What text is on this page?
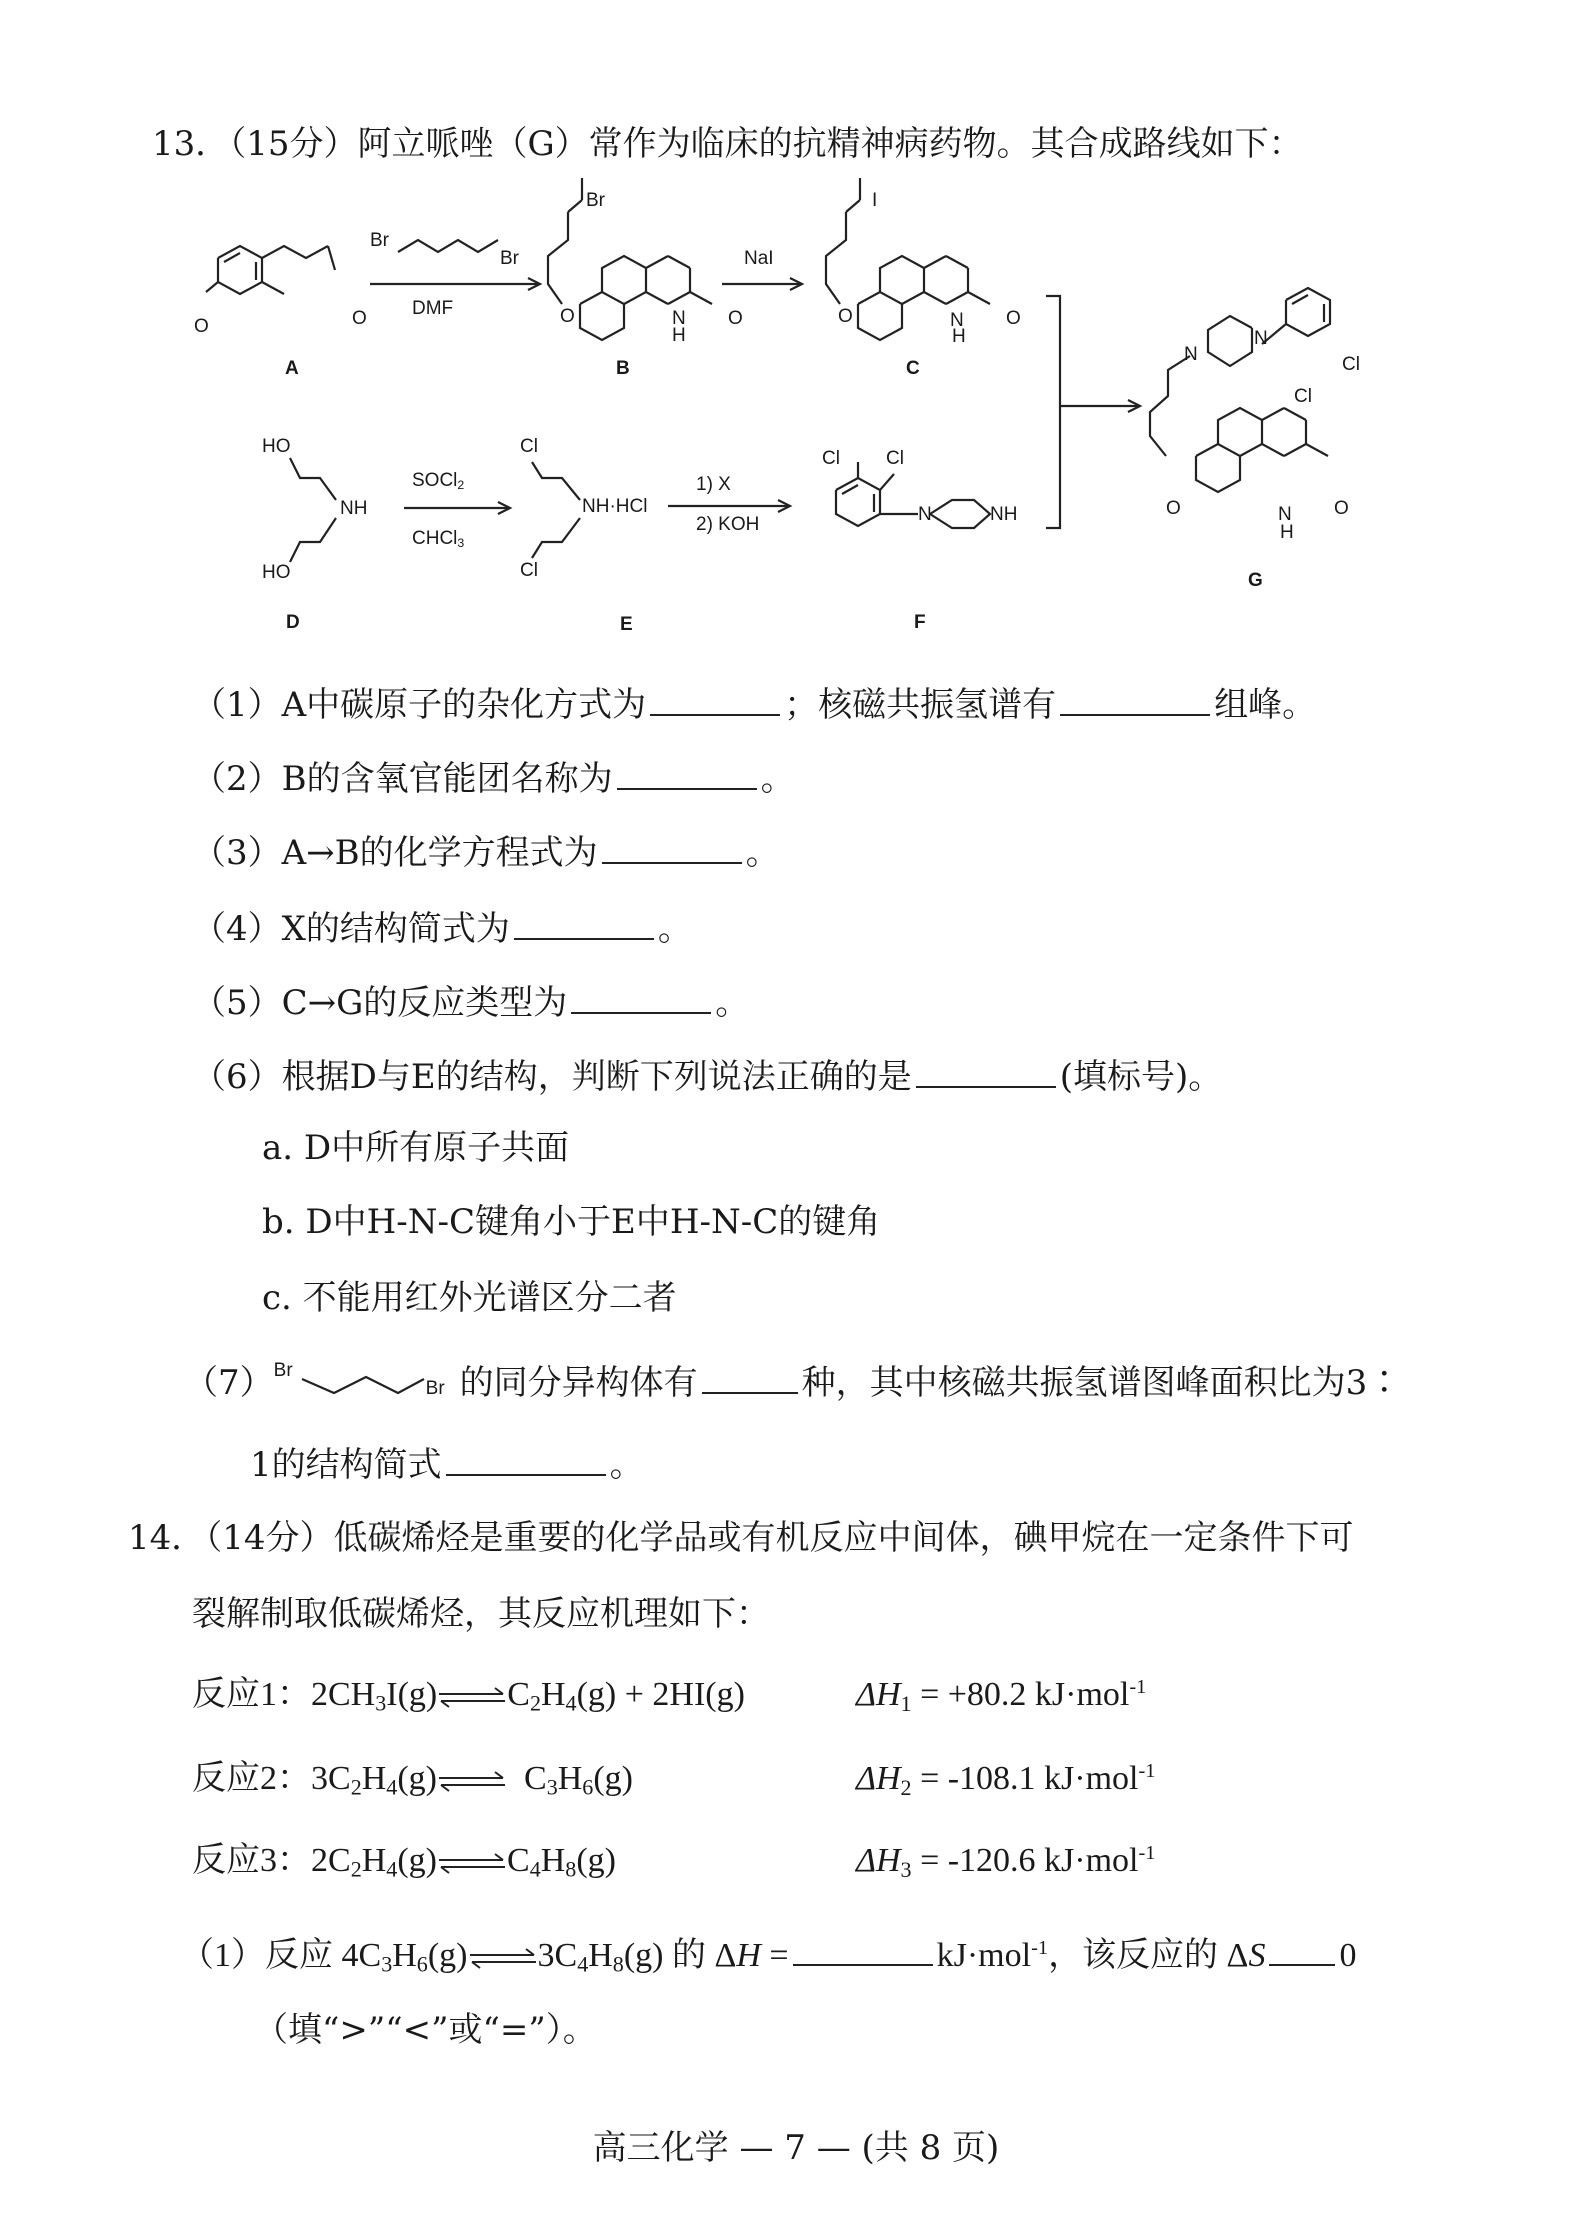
13．（15分）阿立哌唑（G）常作为临床的抗精神病药物。其合成路线如下：
A	B	C
D	E	F
G
Br
Br
DMF
NaI
SOCl$_2$
CHCl$_3$
1) X
2) KOH
O	O
Br
O	N
H
O
I
O	N
H
O
HO
NH
HO
Cl
NH·HCl
Cl
Cl Cl
N	NH
Cl
Cl
N
N
O	N
H
O
（1）A中碳原子的杂化方式为	；核磁共振氢谱有	组峰。
（2）B的含氧官能团名称为	。
（3）A→B的化学方程式为	。
（4）X的结构简式为	。
（5）C→G的反应类型为	。
（6）根据D与E的结构，判断下列说法正确的是	(填标号)。
a. D中所有原子共面
b. D中H-N-C键角小于E中H-N-C的键角
c. 不能用红外光谱区分二者
（7） Br
Br 的同分异构体有	种，其中核磁共振氢谱图峰面积比为3∶
1的结构简式	。
14．（14分）低碳烯烃是重要的化学品或有机反应中间体，碘甲烷在一定条件下可
裂解制取低碳烯烃，其反应机理如下：
反应1：$2CH_3I(g)\rightleftharpoons C_2H_4(g) + 2HI(g)$	$\Delta H_1 = +80.2$ kJ·mol$^{-1}$
反应2：$3C_2H_4(g)\rightleftharpoons$ $C_3H_6(g)$	$\Delta H_2 = -108.1$ kJ·mol$^{-1}$
反应3：$2C_2H_4(g)\rightleftharpoons C_4H_8(g)$	$\Delta H_3 = -120.6$ kJ·mol$^{-1}$
（1）反应 $4C_3H_6(g)\rightleftharpoons 3C_4H_8(g)$ 的 ΔH =	kJ·mol$^{-1}$，该反应的 ΔS 0
（填“>”“<”或“=”）。
高三化学 — 7 — (共 8 页)
